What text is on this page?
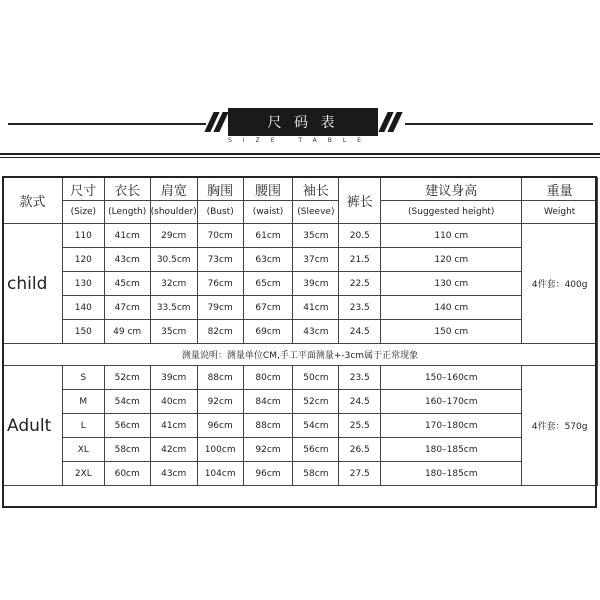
尺 码 表
SIZE TABLE
款式	尺寸	衣长	肩宽	胸围	腰围	袖长	裤长	建议身高	重量
	(Size)	(Length)	(shoulder)	(Bust)	(waist)	(Sleeve)		(Suggested height)	Weight
child	110	41cm	29cm	70cm	61cm	35cm	20.5	110 cm	4件套：400g
	120	43cm	30.5cm	73cm	63cm	37cm	21.5	120 cm	
	130	45cm	32cm	76cm	65cm	39cm	22.5	130 cm	
	140	47cm	33.5cm	79cm	67cm	41cm	23.5	140 cm	
	150	49 cm	35cm	82cm	69cm	43cm	24.5	150 cm	
测量说明：测量单位CM,手工平面测量+-3cm属于正常现象									
Adult	S	52cm	39cm	88cm	80cm	50cm	23.5	150–160cm	4件套：570g
	M	54cm	40cm	92cm	84cm	52cm	24.5	160–170cm	
	L	56cm	41cm	96cm	88cm	54cm	25.5	170–180cm	
	XL	58cm	42cm	100cm	92cm	56cm	26.5	180–185cm	
	2XL	60cm	43cm	104cm	96cm	58cm	27.5	180–185cm	
